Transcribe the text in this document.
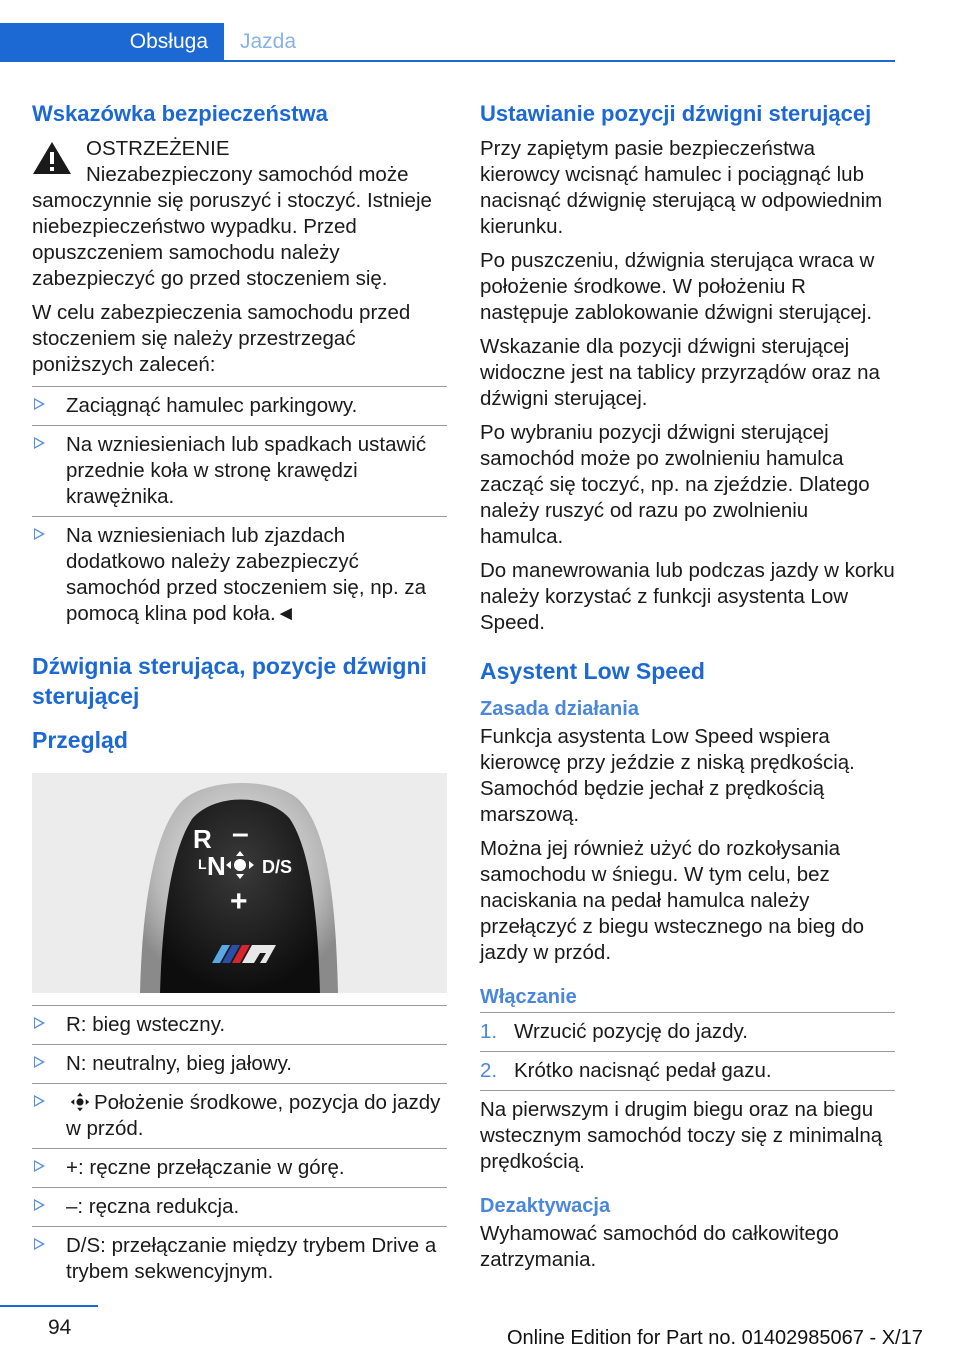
Obsługa	Jazda
Wskazówka bezpieczeństwa

OSTRZEŻENIE

Niezabezpieczony samochód może samoczynnie się poruszyć i stoczyć. Istnieje niebezpieczeństwo wypadku. Przed opuszczeniem samochodu należy zabezpieczyć go przed stoczeniem się.

W celu zabezpieczenia samochodu przed stoczeniem się należy przestrzegać poniższych zaleceń:

Zaciągnąć hamulec parkingowy.
Na wzniesieniach lub spadkach ustawić przednie koła w stronę krawędzi krawężnika.
Na wzniesieniach lub zjazdach dodatkowo należy zabezpieczyć samochód przed stoczeniem się, np. za pomocą klina pod koła.◄
Dźwignia sterująca, pozycje dźwigni sterującej
Przegląd
R –
L N D/S
+
R: bieg wsteczny.
N: neutralny, bieg jałowy.
Położenie środkowe, pozycja do jazdy w przód.
+: ręczne przełączanie w górę.
–: ręczna redukcja.
D/S: przełączanie między trybem Drive a trybem sekwencyjnym.
Ustawianie pozycji dźwigni sterującej

Przy zapiętym pasie bezpieczeństwa kierowcy wcisnąć hamulec i pociągnąć lub nacisnąć dźwignię sterującą w odpowiednim kierunku.

Po puszczeniu, dźwignia sterująca wraca w położenie środkowe. W położeniu R następuje zablokowanie dźwigni sterującej.

Wskazanie dla pozycji dźwigni sterującej widoczne jest na tablicy przyrządów oraz na dźwigni sterującej.

Po wybraniu pozycji dźwigni sterującej samochód może po zwolnieniu hamulca zacząć się toczyć, np. na zjeździe. Dlatego należy ruszyć od razu po zwolnieniu hamulca.

Do manewrowania lub podczas jazdy w korku należy korzystać z funkcji asystenta Low Speed.

Asystent Low Speed
Zasada działania

Funkcja asystenta Low Speed wspiera kierowcę przy jeździe z niską prędkością. Samochód będzie jechał z prędkością marszową.

Można jej również użyć do rozkołysania samochodu w śniegu. W tym celu, bez naciskania na pedał hamulca należy przełączyć z biegu wstecznego na bieg do jazdy w przód.

Włączanie
1. Wrzucić pozycję do jazdy.
2. Krótko nacisnąć pedał gazu.

Na pierwszym i drugim biegu oraz na biegu wstecznym samochód toczy się z minimalną prędkością.

Dezaktywacja

Wyhamować samochód do całkowitego zatrzymania.

94	Online Edition for Part no. 01402985067 - X/17
